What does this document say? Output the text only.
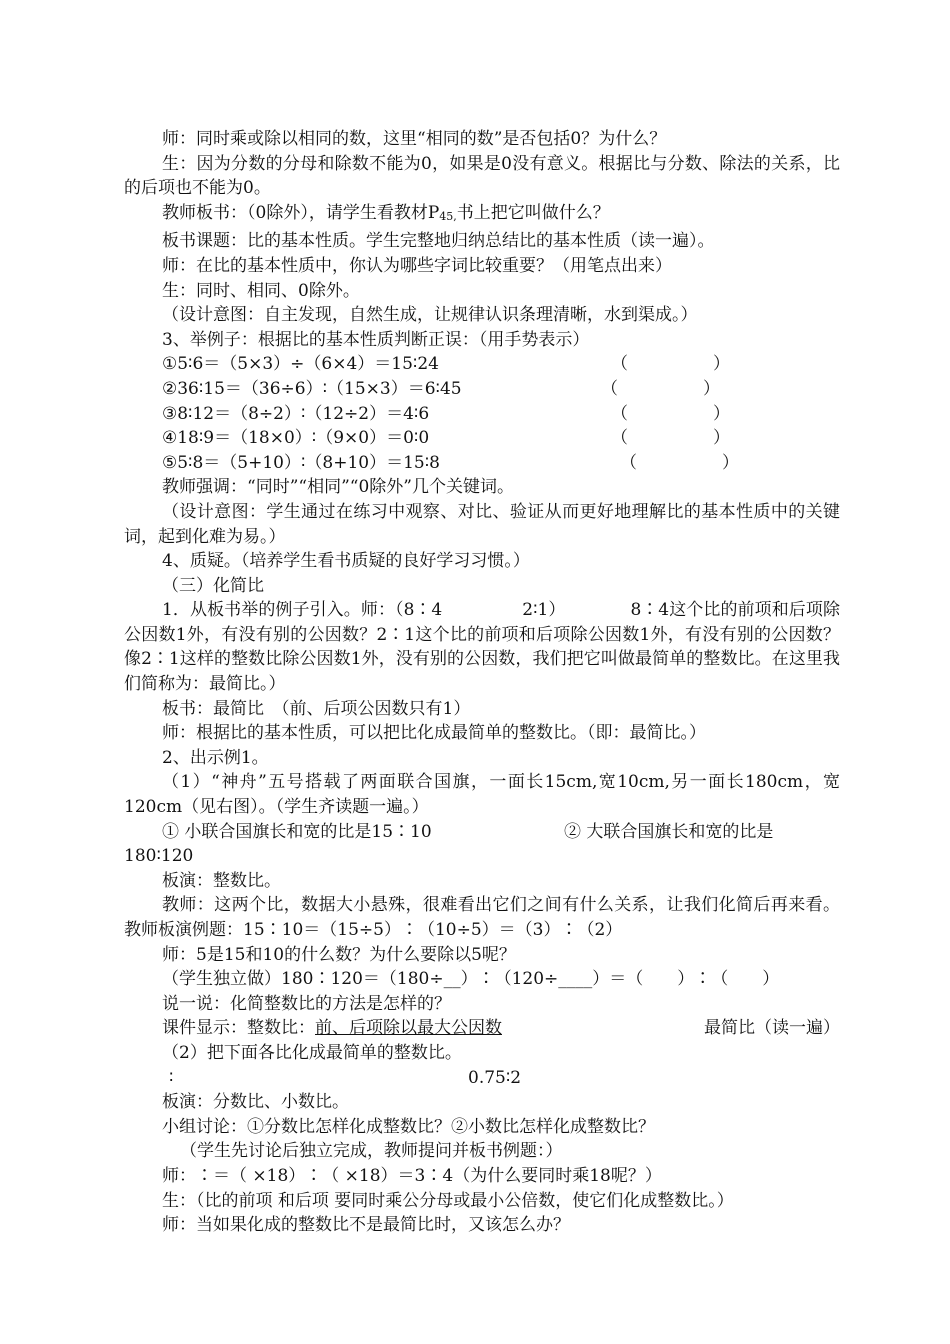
师：同时乘或除以相同的数，这里“相同的数”是否包括0？为什么？
生：因为分数的分母和除数不能为0，如果是0没有意义。根据比与分数、除法的关系，比的后项也不能为0。
教师板书：（0除外），请学生看教材P45,书上把它叫做什么？
板书课题：比的基本性质。学生完整地归纳总结比的基本性质（读一遍）。
师：在比的基本性质中，你认为哪些字词比较重要？（用笔点出来）
生：同时、相同、0除外。
（设计意图：自主发现，自然生成，让规律认识条理清晰，水到渠成。）
3、举例子：根据比的基本性质判断正误：（用手势表示）
①5∶6＝（5×3）÷（6×4）＝15∶24	（　　　　　）
②36∶15＝（36÷6）∶（15×3）＝6∶45	（　　　　　）
③8∶12＝（8÷2）∶（12÷2）＝4∶6	（　　　　　）
④18∶9＝（18×0）∶（9×0）＝0∶0	（　　　　　）
⑤5∶8＝（5+10）∶（8+10）＝15∶8	（　　　　　）
教师强调：“同时”“相同”“0除外”几个关键词。
（设计意图：学生通过在练习中观察、对比、验证从而更好地理解比的基本性质中的关键词，起到化难为易。）
4、质疑。（培养学生看书质疑的良好学习习惯。）
（三）化简比
1．从板书举的例子引入。师：（8∶4	2∶1）	8∶4这个比的前项和后项除公因数1外，有没有别的公因数？2∶1这个比的前项和后项除公因数1外，有没有别的公因数？像2∶1这样的整数比除公因数1外，没有别的公因数，我们把它叫做最简单的整数比。在这里我们简称为：最简比。）
板书：最简比　（前、后项公因数只有1）
师：根据比的基本性质，可以把比化成最简单的整数比。（即：最简比。）
2、出示例1。
（1）“神舟”五号搭载了两面联合国旗，一面长15cm,宽10cm,另一面长180cm，宽120cm（见右图）。（学生齐读题一遍。）
① 小联合国旗长和宽的比是15∶10	② 大联合国旗长和宽的比是
180∶120
板演：整数比。
教师：这两个比，数据大小悬殊，很难看出它们之间有什么关系，让我们化简后再来看。教师板演例题：15∶10＝（15÷5）∶（10÷5）＝（3）∶（2）
师：5是15和10的什么数？为什么要除以5呢？
（学生独立做）180∶120＝（180÷__）∶（120÷____）＝（　　）∶（　　）
说一说：化简整数比的方法是怎样的？
课件显示：整数比：前、后项除以最大公因数	最简比（读一遍）
（2）把下面各比化成最简单的整数比。
∶	0.75∶2
板演：分数比、小数比。
小组讨论：①分数比怎样化成整数比？②小数比怎样化成整数比？
（学生先讨论后独立完成，教师提问并板书例题：）
师：∶＝（ ×18）∶（ ×18）＝3∶4（为什么要同时乘18呢？）
生：（比的前项 和后项 要同时乘公分母或最小公倍数，使它们化成整数比。）
师：当如果化成的整数比不是最简比时，又该怎么办？
